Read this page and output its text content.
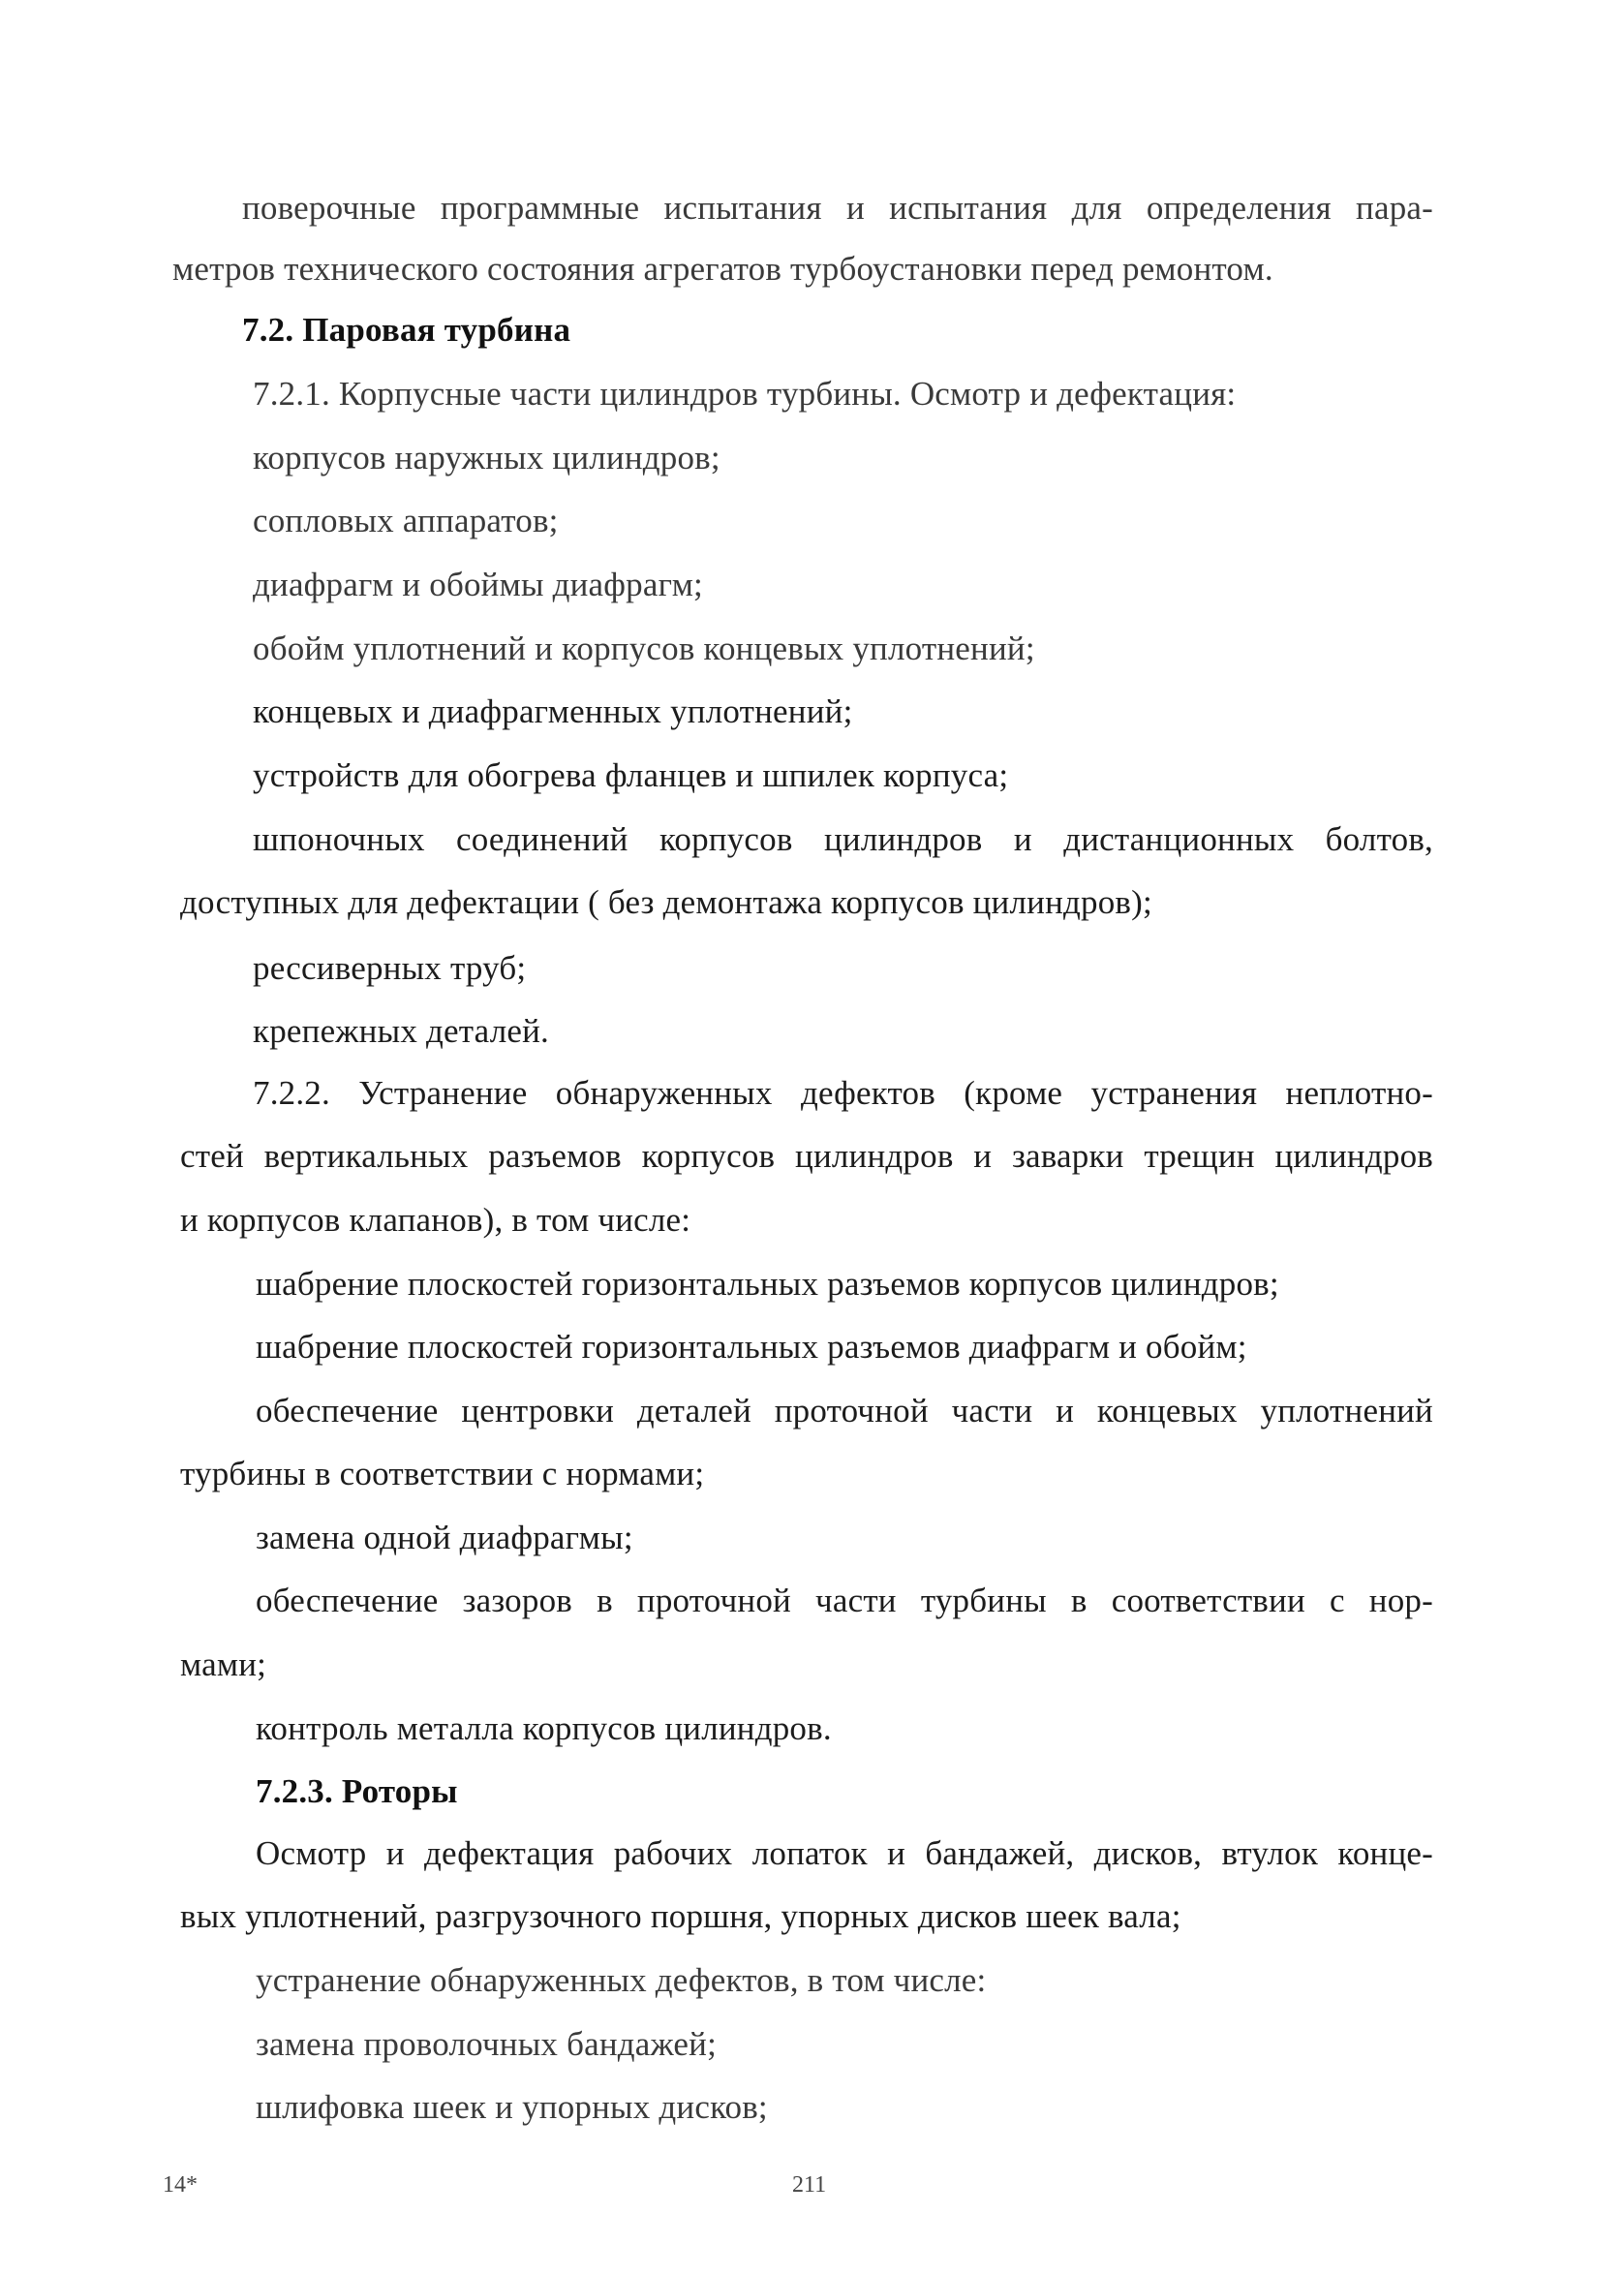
поверочные программные испытания и испытания для определения пара-
метров технического состояния агрегатов турбоустановки перед ремонтом.
7.2. Паровая турбина
7.2.1. Корпусные части цилиндров турбины. Осмотр и дефектация:
корпусов наружных цилиндров;
сопловых аппаратов;
диафрагм и обоймы диафрагм;
обойм уплотнений и корпусов концевых уплотнений;
концевых и диафрагменных уплотнений;
устройств для обогрева фланцев и шпилек корпуса;
шпоночных соединений корпусов цилиндров и дистанционных болтов,
доступных для дефектации ( без демонтажа корпусов цилиндров);
рессиверных труб;
крепежных деталей.
7.2.2. Устранение обнаруженных дефектов (кроме устранения неплотно-
стей вертикальных разъемов корпусов цилиндров и заварки трещин цилиндров
и корпусов клапанов), в том числе:
шабрение плоскостей горизонтальных разъемов корпусов цилиндров;
шабрение плоскостей горизонтальных разъемов диафрагм и обойм;
обеспечение центровки деталей проточной части и концевых уплотнений
турбины в соответствии с нормами;
замена одной диафрагмы;
обеспечение зазоров в проточной части турбины в соответствии с нор-
мами;
контроль металла корпусов цилиндров.
7.2.3. Роторы
Осмотр и дефектация рабочих лопаток и бандажей, дисков, втулок конце-
вых уплотнений, разгрузочного поршня, упорных дисков шеек вала;
устранение обнаруженных дефектов, в том числе:
замена проволочных бандажей;
шлифовка шеек и упорных дисков;
14*	211
